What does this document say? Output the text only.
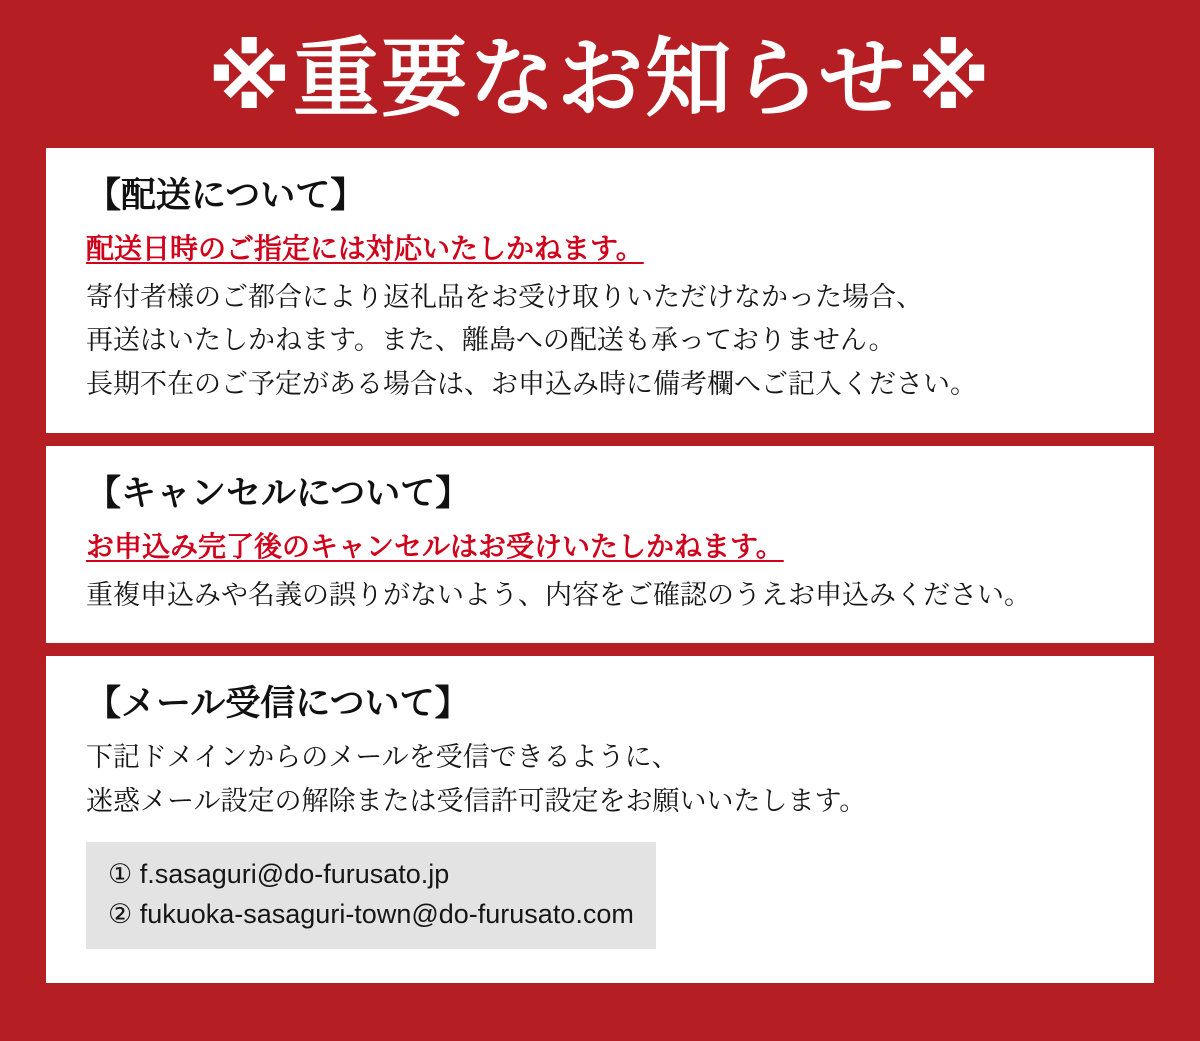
※重要なお知らせ※
【配送について】
配送日時のご指定には対応いたしかねます。
寄付者様のご都合により返礼品をお受け取りいただけなかった場合、
再送はいたしかねます。また、離島への配送も承っておりません。
長期不在のご予定がある場合は、お申込み時に備考欄へご記入ください。
【キャンセルについて】
お申込み完了後のキャンセルはお受けいたしかねます。
重複申込みや名義の誤りがないよう、内容をご確認のうえお申込みください。
【メール受信について】
下記ドメインからのメールを受信できるように、
迷惑メール設定の解除または受信許可設定をお願いいたします。
① f.sasaguri@do-furusato.jp
② fukuoka-sasaguri-town@do-furusato.com
